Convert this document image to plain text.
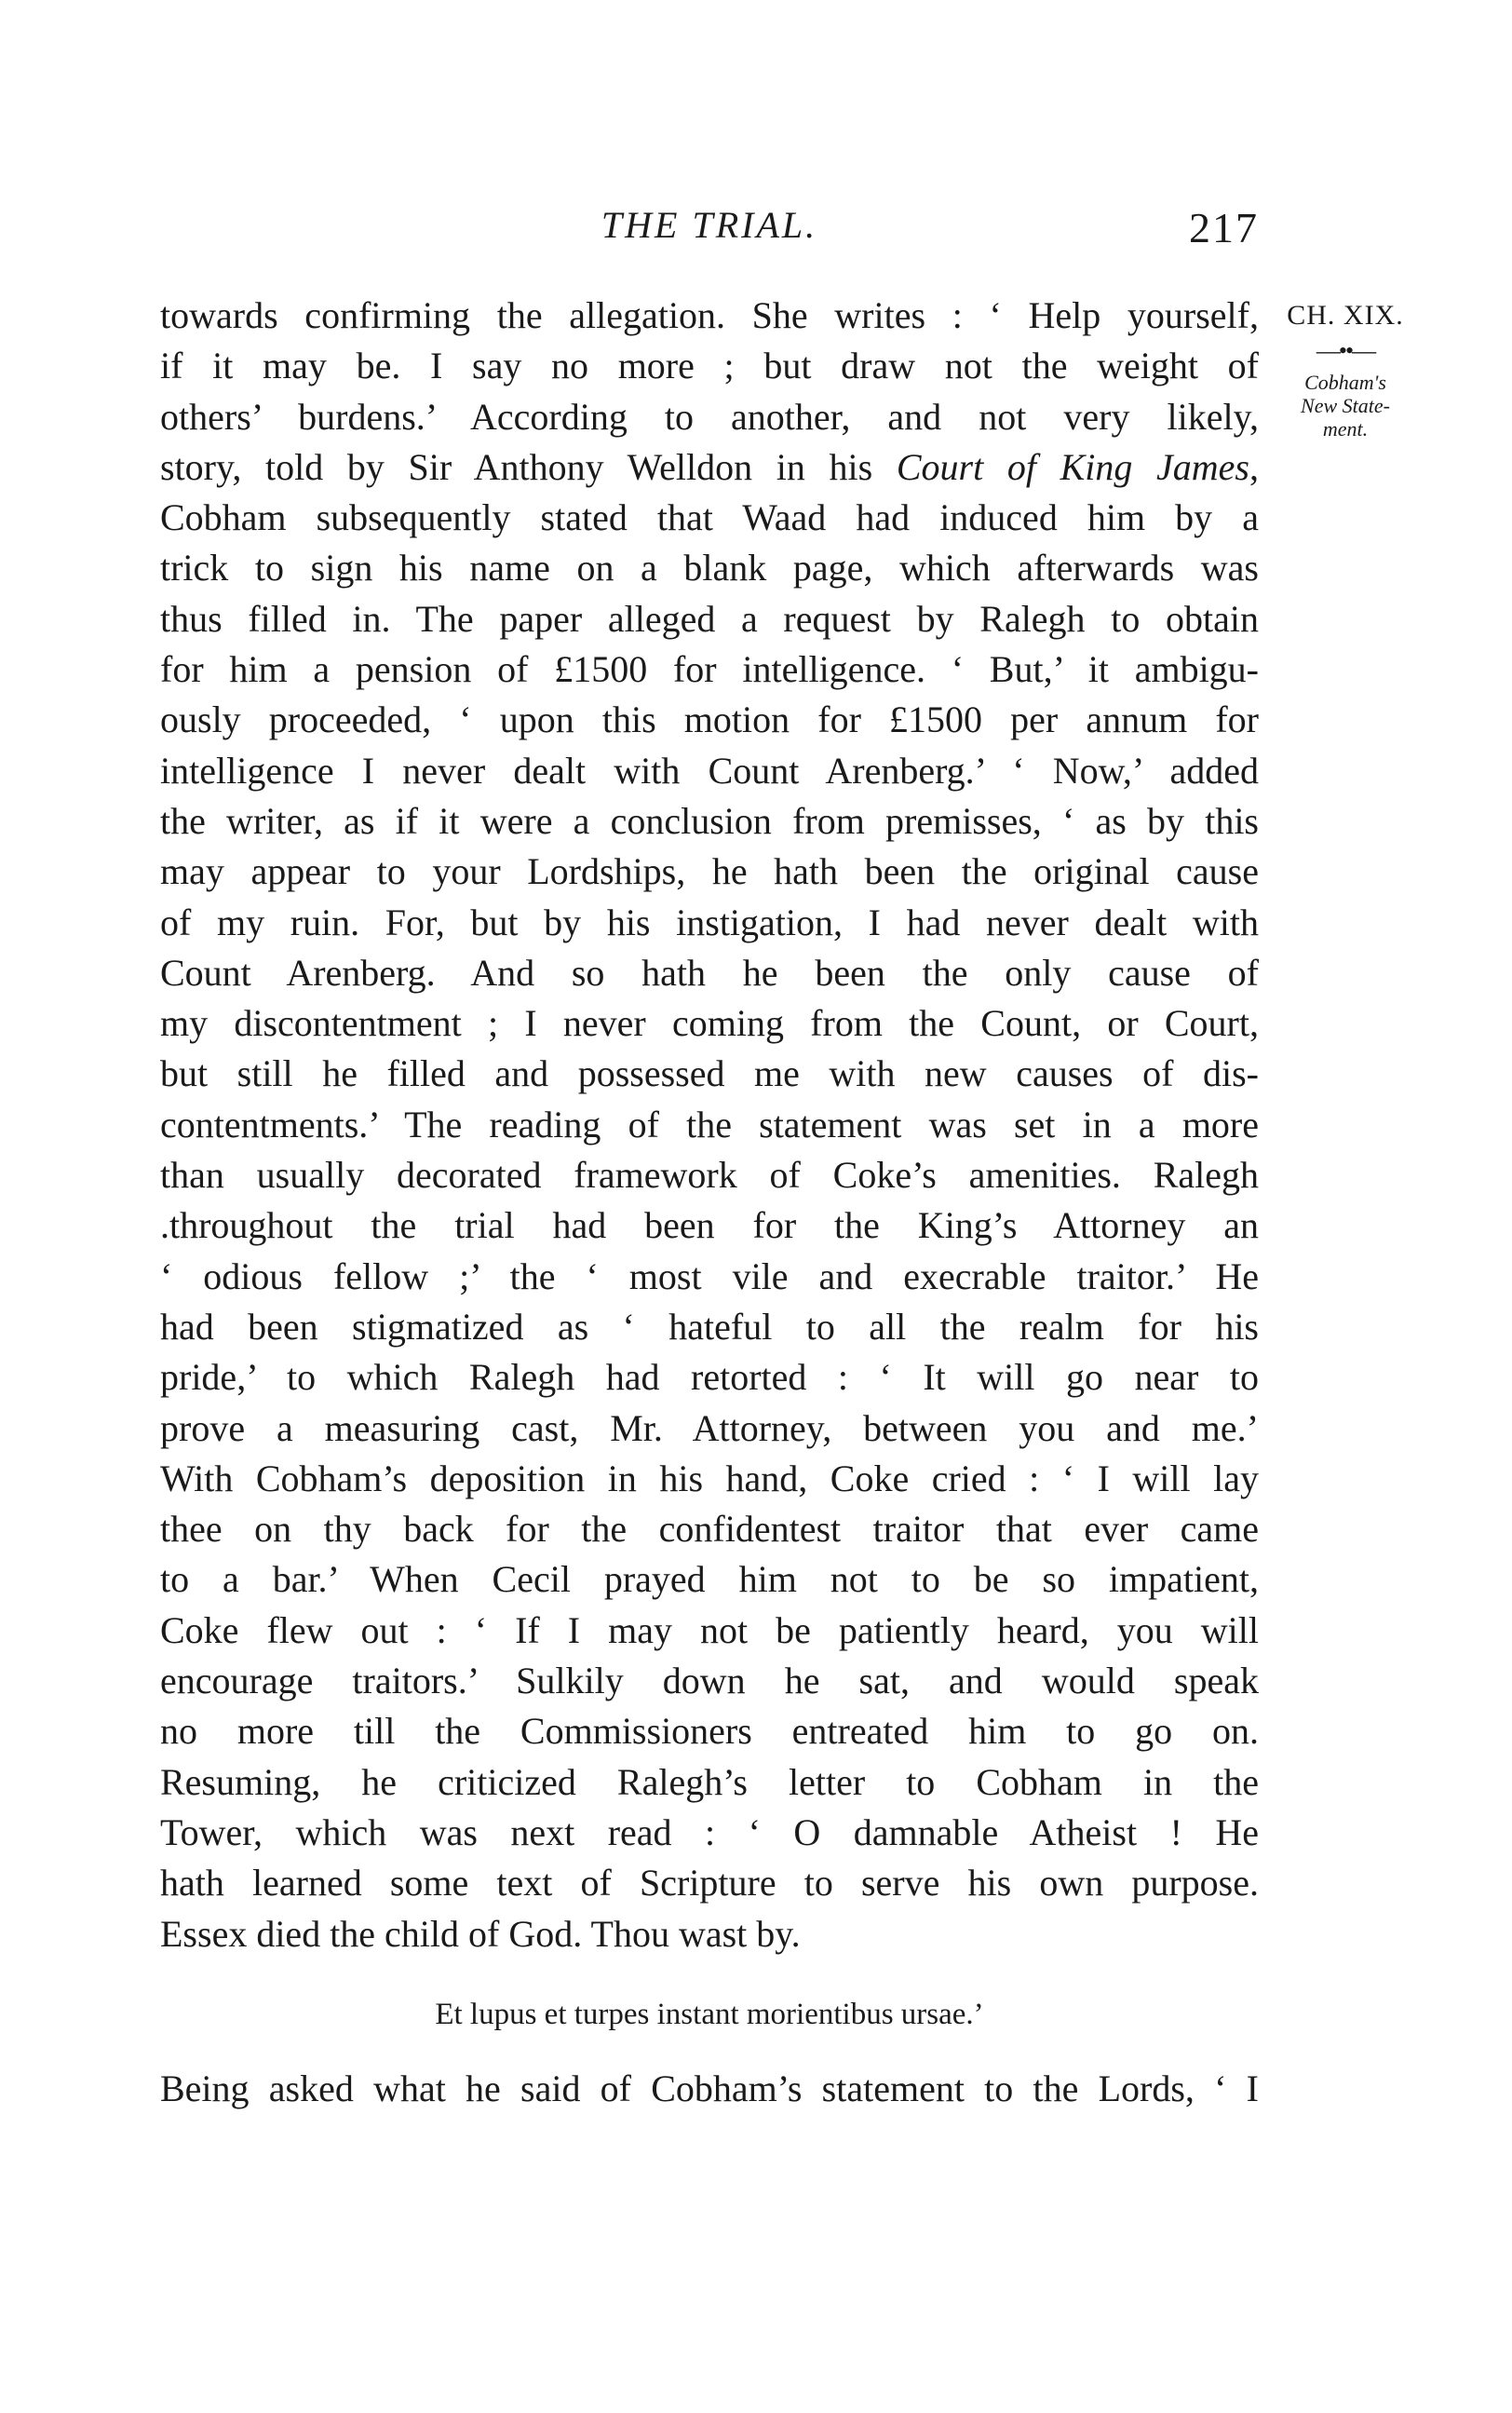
THE TRIAL.	217
CH. XIX.
—••—
Cobham's
New State-
ment.
towards confirming the allegation. She writes : ‘ Help yourself,
if it may be. I say no more ; but draw not the weight of
others’ burdens.’ According to another, and not very likely,
story, told by Sir Anthony Welldon in his Court of King James,
Cobham subsequently stated that Waad had induced him by a
trick to sign his name on a blank page, which afterwards was
thus filled in. The paper alleged a request by Ralegh to obtain
for him a pension of £1500 for intelligence. ‘ But,’ it ambigu-
ously proceeded, ‘ upon this motion for £1500 per annum for
intelligence I never dealt with Count Arenberg.’ ‘ Now,’ added
the writer, as if it were a conclusion from premisses, ‘ as by this
may appear to your Lordships, he hath been the original cause
of my ruin. For, but by his instigation, I had never dealt with
Count Arenberg. And so hath he been the only cause of
my discontentment ; I never coming from the Count, or Court,
but still he filled and possessed me with new causes of dis-
contentments.’ The reading of the statement was set in a more
than usually decorated framework of Coke’s amenities. Ralegh
.throughout the trial had been for the King’s Attorney an
‘ odious fellow ;’ the ‘ most vile and execrable traitor.’ He
had been stigmatized as ‘ hateful to all the realm for his
pride,’ to which Ralegh had retorted : ‘ It will go near to
prove a measuring cast, Mr. Attorney, between you and me.’
With Cobham’s deposition in his hand, Coke cried : ‘ I will lay
thee on thy back for the confidentest traitor that ever came
to a bar.’ When Cecil prayed him not to be so impatient,
Coke flew out : ‘ If I may not be patiently heard, you will
encourage traitors.’ Sulkily down he sat, and would speak
no more till the Commissioners entreated him to go on.
Resuming, he criticized Ralegh’s letter to Cobham in the
Tower, which was next read : ‘ O damnable Atheist ! He
hath learned some text of Scripture to serve his own purpose.
Essex died the child of God. Thou wast by.
Et lupus et turpes instant morientibus ursae.’
Being asked what he said of Cobham’s statement to the Lords, ‘ I
